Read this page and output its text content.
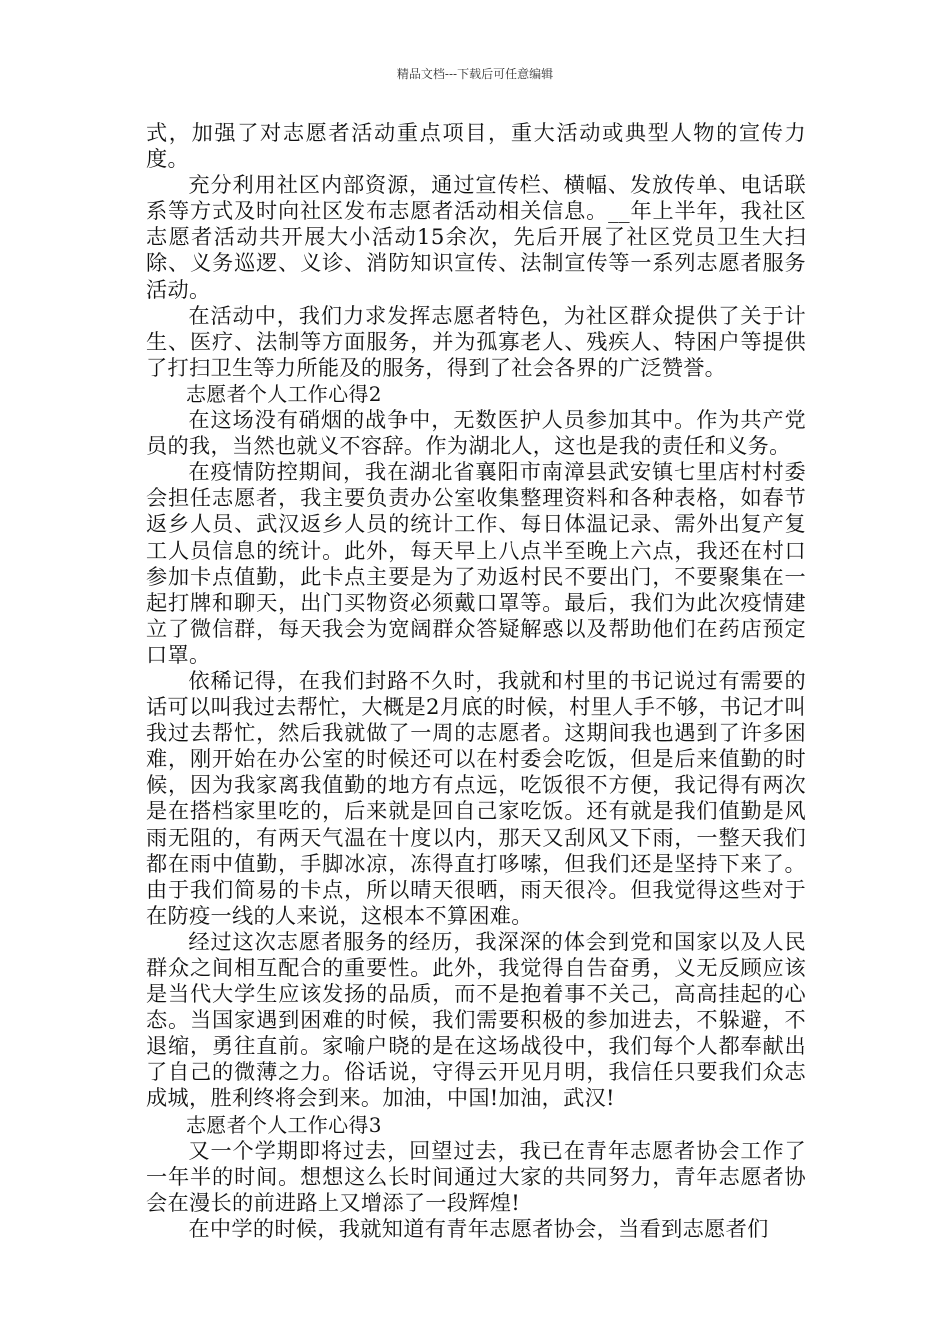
精品文档---下载后可任意编辑

式，加强了对志愿者活动重点项目，重大活动或典型人物的宣传力度。

充分利用社区内部资源，通过宣传栏、横幅、发放传单、电话联系等方式及时向社区发布志愿者活动相关信息。__年上半年，我社区志愿者活动共开展大小活动15余次，先后开展了社区党员卫生大扫除、义务巡逻、义诊、消防知识宣传、法制宣传等一系列志愿者服务活动。

在活动中，我们力求发挥志愿者特色，为社区群众提供了关于计生、医疗、法制等方面服务，并为孤寡老人、残疾人、特困户等提供了打扫卫生等力所能及的服务，得到了社会各界的广泛赞誉。

志愿者个人工作心得2

在这场没有硝烟的战争中，无数医护人员参加其中。作为共产党员的我，当然也就义不容辞。作为湖北人，这也是我的责任和义务。

在疫情防控期间，我在湖北省襄阳市南漳县武安镇七里店村村委会担任志愿者，我主要负责办公室收集整理资料和各种表格，如春节返乡人员、武汉返乡人员的统计工作、每日体温记录、需外出复产复工人员信息的统计。此外，每天早上八点半至晚上六点，我还在村口参加卡点值勤，此卡点主要是为了劝返村民不要出门，不要聚集在一起打牌和聊天，出门买物资必须戴口罩等。最后，我们为此次疫情建立了微信群，每天我会为宽阔群众答疑解惑以及帮助他们在药店预定口罩。

依稀记得，在我们封路不久时，我就和村里的书记说过有需要的话可以叫我过去帮忙，大概是2月底的时候，村里人手不够，书记才叫我过去帮忙，然后我就做了一周的志愿者。这期间我也遇到了许多困难，刚开始在办公室的时候还可以在村委会吃饭，但是后来值勤的时候，因为我家离我值勤的地方有点远，吃饭很不方便，我记得有两次是在搭档家里吃的，后来就是回自己家吃饭。还有就是我们值勤是风雨无阻的，有两天气温在十度以内，那天又刮风又下雨，一整天我们都在雨中值勤，手脚冰凉，冻得直打哆嗦，但我们还是坚持下来了。由于我们简易的卡点，所以晴天很晒，雨天很冷。但我觉得这些对于在防疫一线的人来说，这根本不算困难。

经过这次志愿者服务的经历，我深深的体会到党和国家以及人民群众之间相互配合的重要性。此外，我觉得自告奋勇，义无反顾应该是当代大学生应该发扬的品质，而不是抱着事不关己，高高挂起的心态。当国家遇到困难的时候，我们需要积极的参加进去，不躲避，不退缩，勇往直前。家喻户晓的是在这场战役中，我们每个人都奉献出了自己的微薄之力。俗话说，守得云开见月明，我信任只要我们众志成城，胜利终将会到来。加油，中国!加油，武汉!

志愿者个人工作心得3

又一个学期即将过去，回望过去，我已在青年志愿者协会工作了一年半的时间。想想这么长时间通过大家的共同努力，青年志愿者协会在漫长的前进路上又增添了一段辉煌!

在中学的时候，我就知道有青年志愿者协会，当看到志愿者们
